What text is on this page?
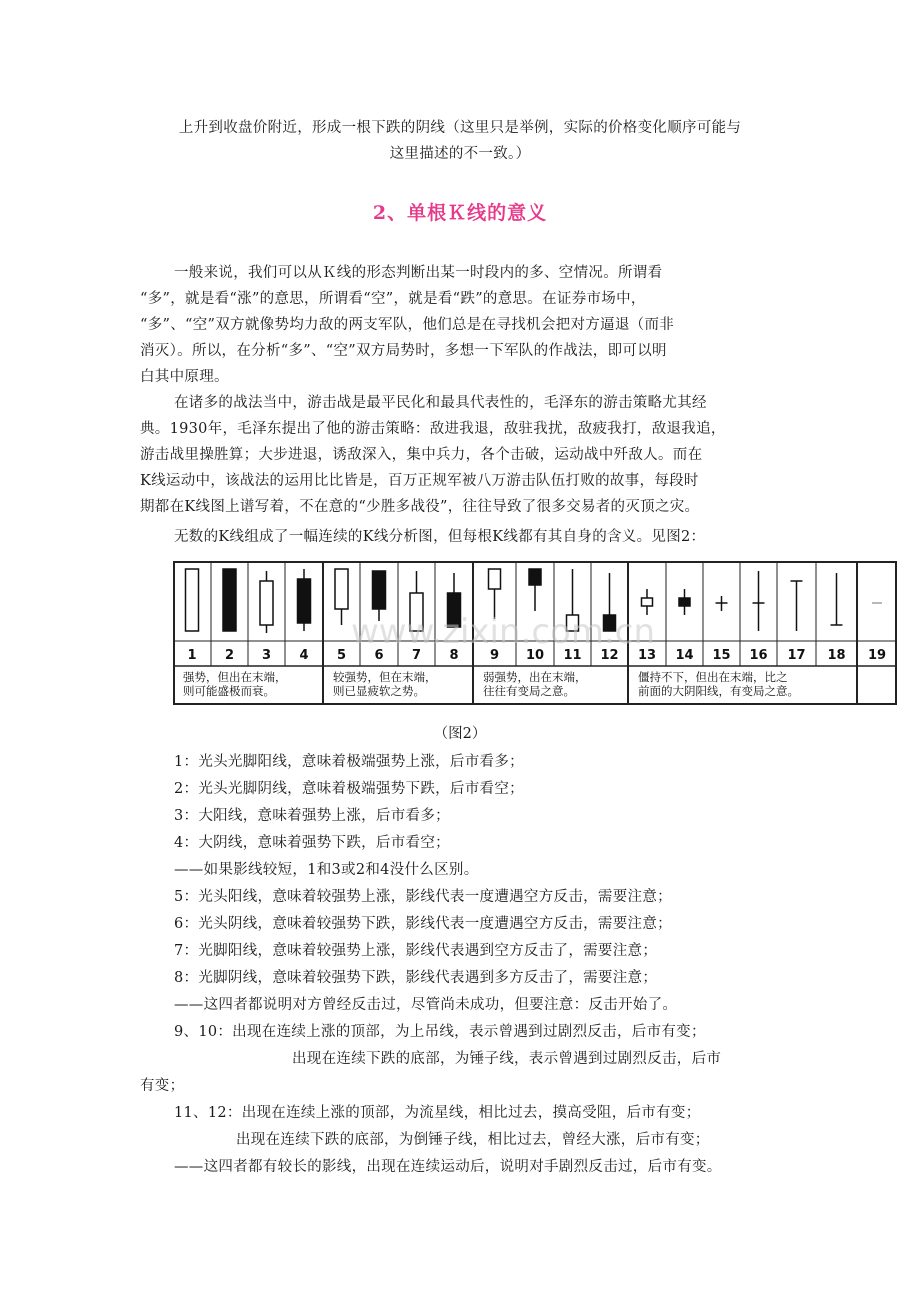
上升到收盘价附近，形成一根下跌的阴线（这里只是举例，实际的价格变化顺序可能与
这里描述的不一致。）
2、单根Ｋ线的意义
一般来说，我们可以从Ｋ线的形态判断出某一时段内的多、空情况。所谓看
“多”，就是看“涨”的意思，所谓看“空”，就是看“跌”的意思。在证券市场中，
“多”、“空”双方就像势均力敌的两支军队，他们总是在寻找机会把对方逼退（而非
消灭）。所以，在分析“多”、“空”双方局势时，多想一下军队的作战法，即可以明
白其中原理。
在诸多的战法当中，游击战是最平民化和最具代表性的，毛泽东的游击策略尤其经
典。1930年，毛泽东提出了他的游击策略：敌进我退，敌驻我扰，敌疲我打，敌退我追，
游击战里操胜算；大步进退，诱敌深入，集中兵力，各个击破，运动战中歼敌人。而在
K线运动中，该战法的运用比比皆是，百万正规军被八万游击队伍打败的故事，每段时
期都在K线图上谱写着，不在意的“少胜多战役”，往往导致了很多交易者的灭顶之灾。
无数的K线组成了一幅连续的K线分析图，但每根K线都有其自身的含义。见图2：
1 2 3 4 5 6 7 8 9 10 11 12 13 14 15 16 17 18 19
强势，但出在末端，
则可能盛极而衰。
较强势，但在末端，
则已显疲软之势。
弱强势，出在末端，
往往有变局之意。
僵持不下，但出在末端，比之
前面的大阴阳线，有变局之意。
www.zixin.com.cn
（图2）
1：光头光脚阳线，意味着极端强势上涨，后市看多；
2：光头光脚阴线，意味着极端强势下跌，后市看空；
3：大阳线，意味着强势上涨，后市看多；
4：大阴线，意味着强势下跌，后市看空；
——如果影线较短，1和3或2和4没什么区别。
5：光头阳线，意味着较强势上涨，影线代表一度遭遇空方反击，需要注意；
6：光头阴线，意味着较强势下跌，影线代表一度遭遇空方反击，需要注意；
7：光脚阳线，意味着较强势上涨，影线代表遇到空方反击了，需要注意；
8：光脚阴线，意味着较强势下跌，影线代表遇到多方反击了，需要注意；
——这四者都说明对方曾经反击过，尽管尚未成功，但要注意：反击开始了。
9、10：出现在连续上涨的顶部，为上吊线，表示曾遇到过剧烈反击，后市有变；
出现在连续下跌的底部，为锤子线，表示曾遇到过剧烈反击，后市
有变；
11、12：出现在连续上涨的顶部，为流星线，相比过去，摸高受阻，后市有变；
出现在连续下跌的底部，为倒锤子线，相比过去，曾经大涨，后市有变；
——这四者都有较长的影线，出现在连续运动后，说明对手剧烈反击过，后市有变。
